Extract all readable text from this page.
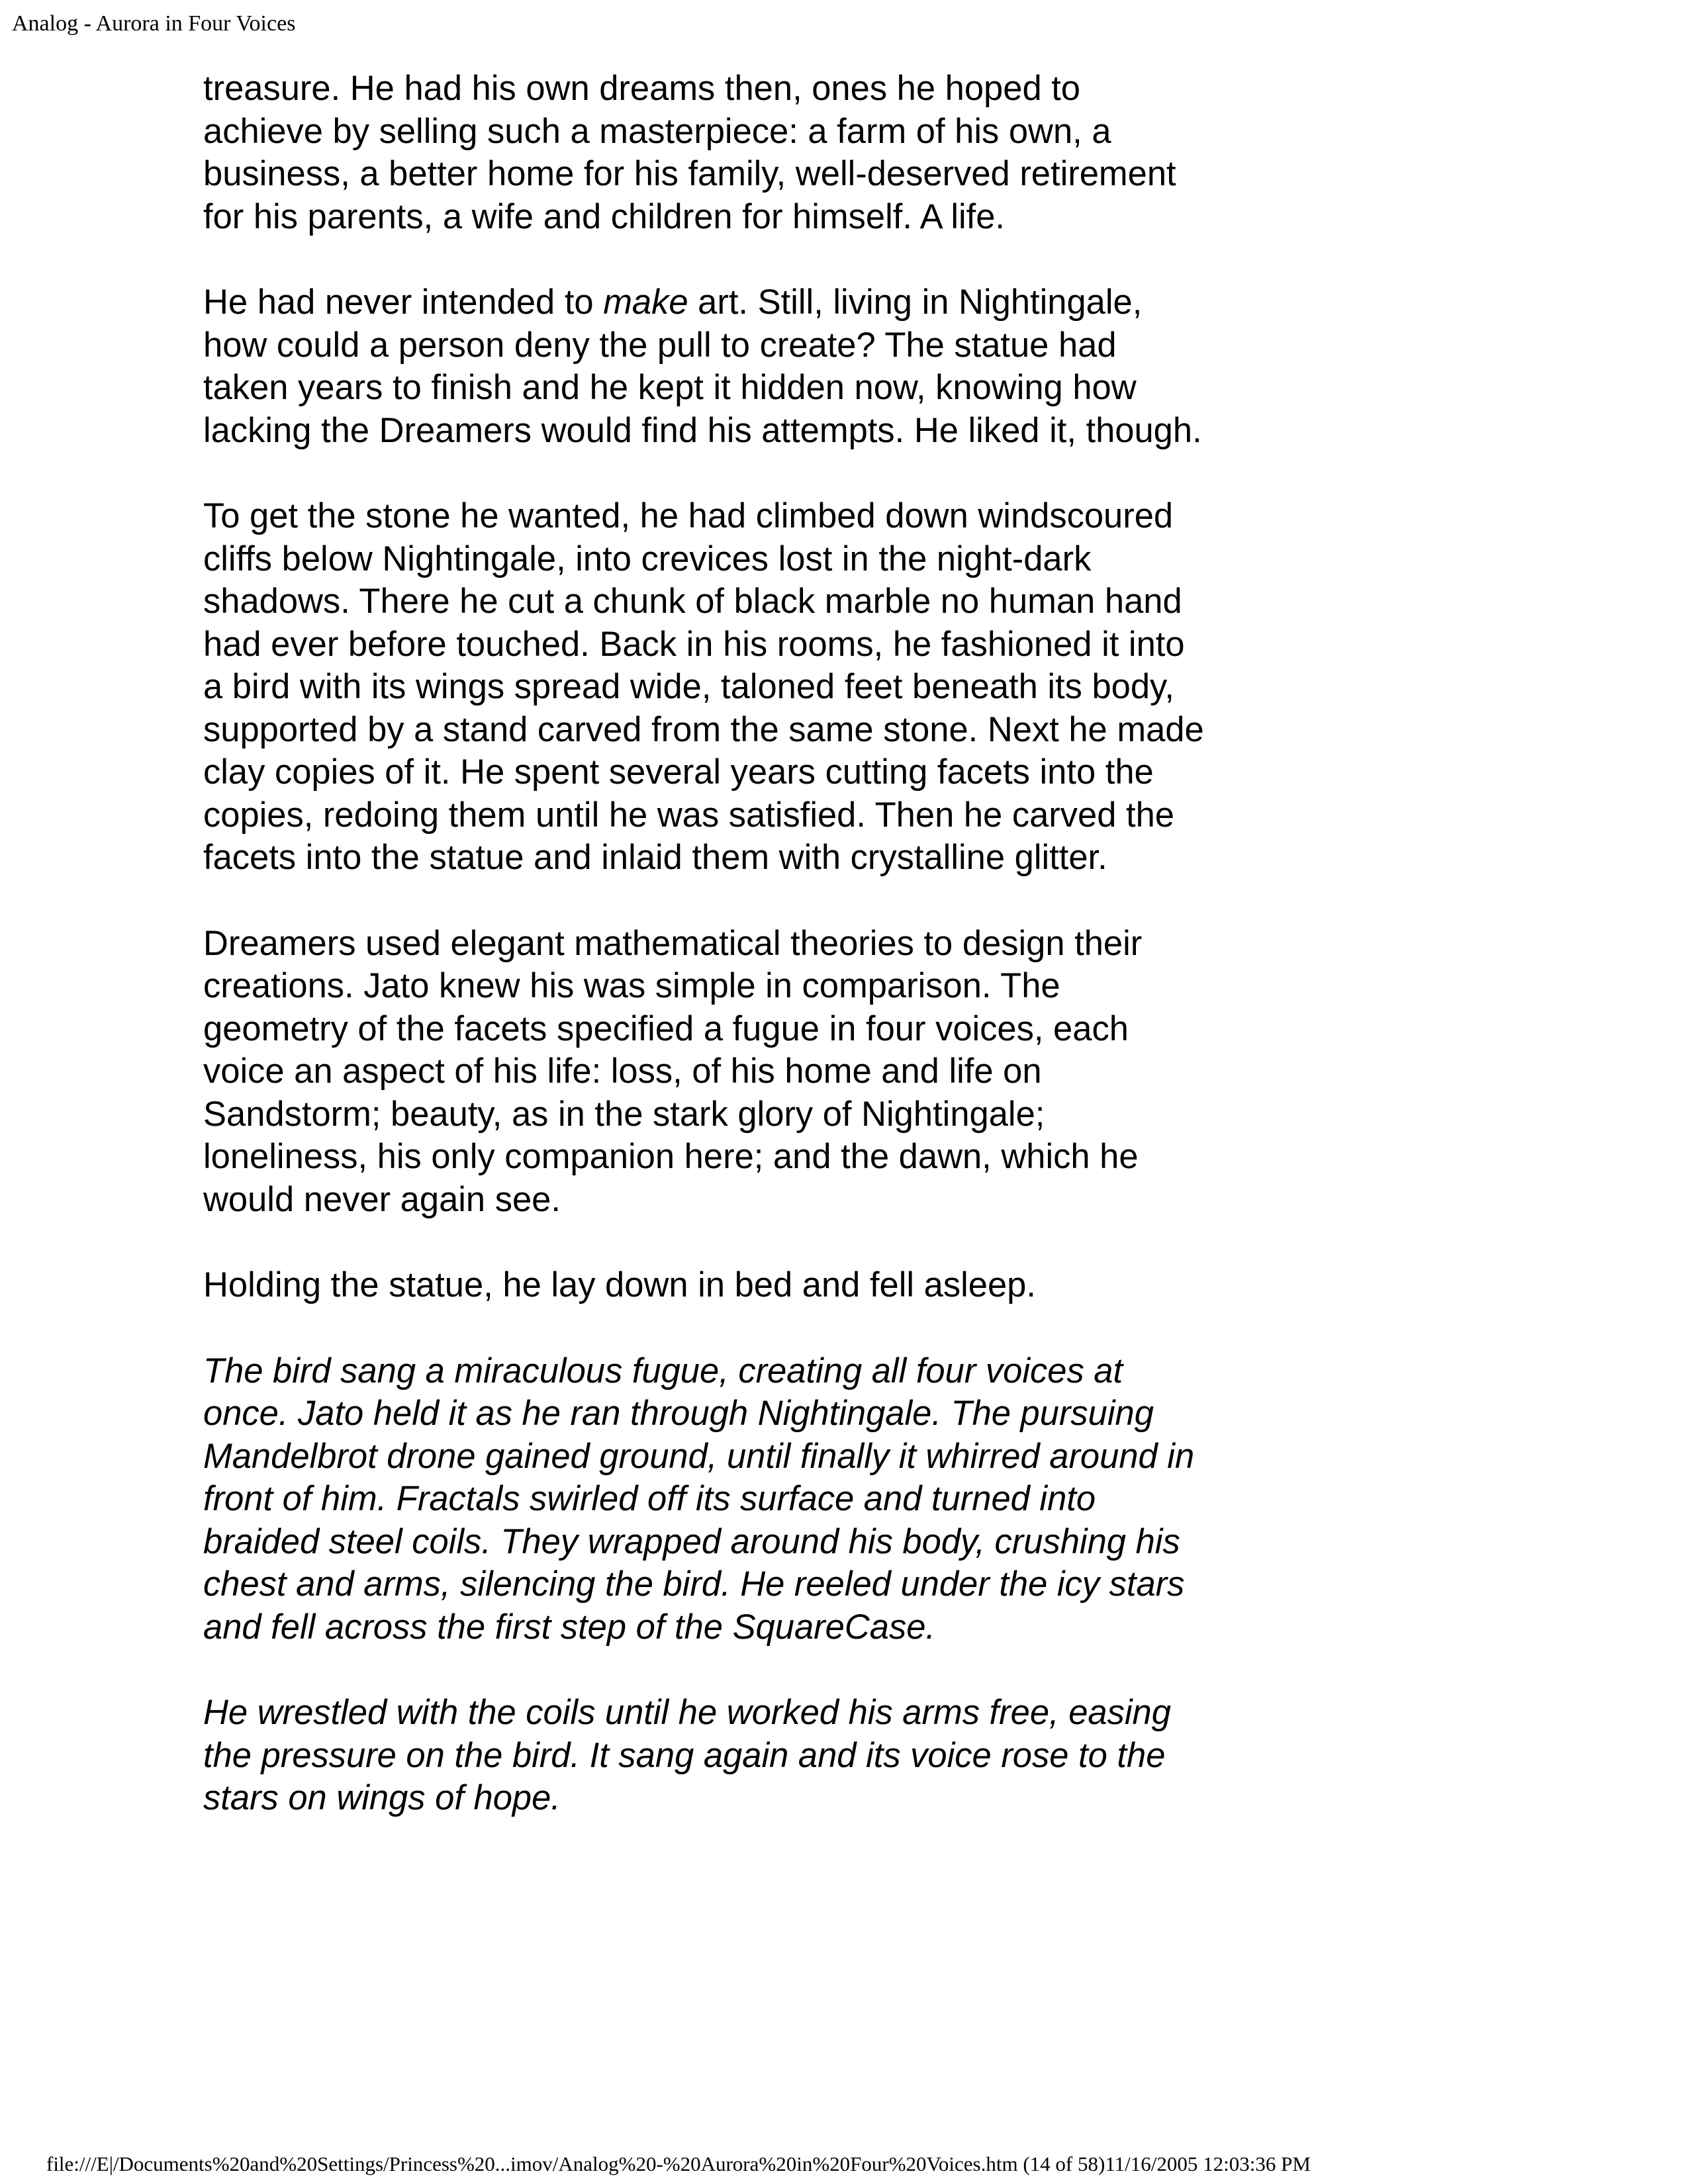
Analog - Aurora in Four Voices

treasure. He had his own dreams then, ones he hoped to achieve by selling such a masterpiece: a farm of his own, a business, a better home for his family, well-deserved retirement for his parents, a wife and children for himself. A life.

He had never intended to make art. Still, living in Nightingale, how could a person deny the pull to create? The statue had taken years to finish and he kept it hidden now, knowing how lacking the Dreamers would find his attempts. He liked it, though.

To get the stone he wanted, he had climbed down windscoured cliffs below Nightingale, into crevices lost in the night-dark shadows. There he cut a chunk of black marble no human hand had ever before touched. Back in his rooms, he fashioned it into a bird with its wings spread wide, taloned feet beneath its body, supported by a stand carved from the same stone. Next he made clay copies of it. He spent several years cutting facets into the copies, redoing them until he was satisfied. Then he carved the facets into the statue and inlaid them with crystalline glitter.

Dreamers used elegant mathematical theories to design their creations. Jato knew his was simple in comparison. The geometry of the facets specified a fugue in four voices, each voice an aspect of his life: loss, of his home and life on Sandstorm; beauty, as in the stark glory of Nightingale; loneliness, his only companion here; and the dawn, which he would never again see.

Holding the statue, he lay down in bed and fell asleep.

The bird sang a miraculous fugue, creating all four voices at once. Jato held it as he ran through Nightingale. The pursuing Mandelbrot drone gained ground, until finally it whirred around in front of him. Fractals swirled off its surface and turned into braided steel coils. They wrapped around his body, crushing his chest and arms, silencing the bird. He reeled under the icy stars and fell across the first step of the SquareCase.

He wrestled with the coils until he worked his arms free, easing the pressure on the bird. It sang again and its voice rose to the stars on wings of hope.

file:///E|/Documents%20and%20Settings/Princess%20...imov/Analog%20-%20Aurora%20in%20Four%20Voices.htm (14 of 58)11/16/2005 12:03:36 PM
